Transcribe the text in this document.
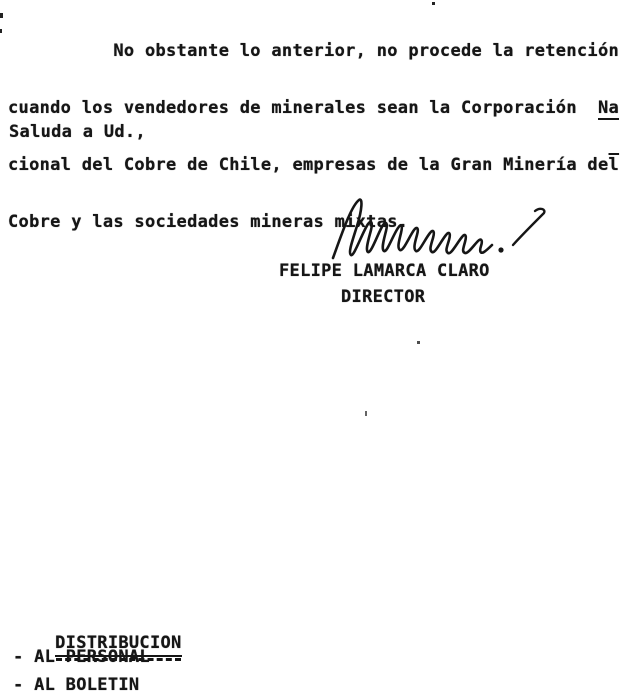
No obstante lo anterior, no procede la retención

cuando los vendedores de minerales sean la Corporación  Na

cional del Cobre de Chile, empresas de la Gran Minería $de\overline{l}$

Cobre y las sociedades mineras mixtas.

Saluda a Ud.,
FELIPE LAMARCA CLARO
DIRECTOR

DISTRIBUCION

- AL PERSONAL
- AL BOLETIN
